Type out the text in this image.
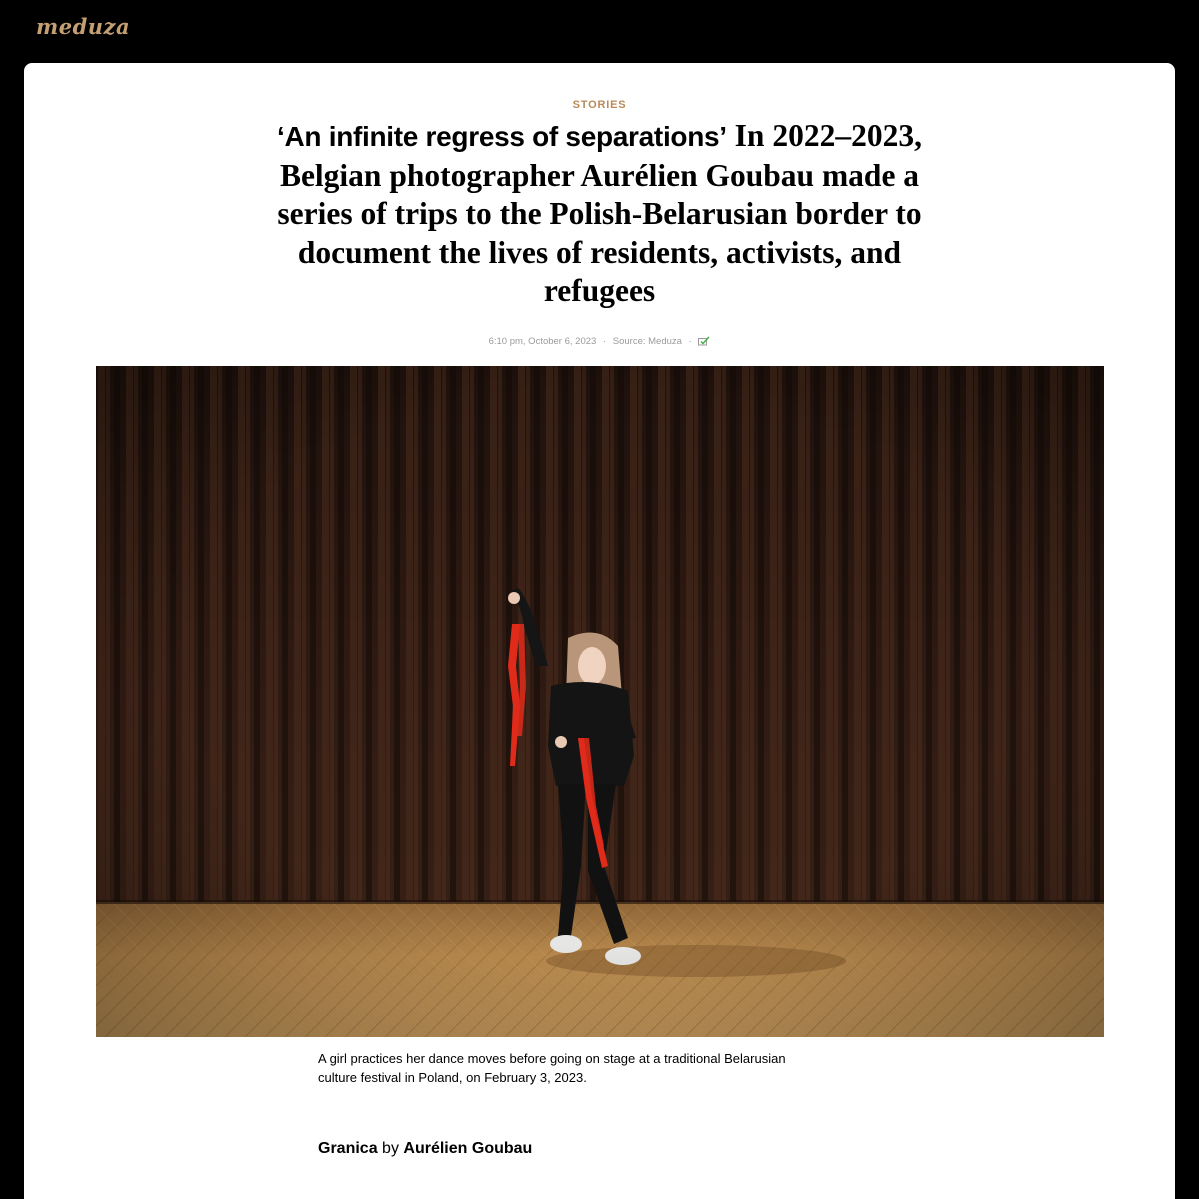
meduza
STORIES
‘An infinite regress of separations’ In 2022–2023, Belgian photographer Aurélien Goubau made a series of trips to the Polish-Belarusian border to document the lives of residents, activists, and refugees
6:10 pm, October 6, 2023 · Source: Meduza ·

A girl practices her dance moves before going on stage at a traditional Belarusian culture festival in Poland, on February 3, 2023.

Granica by Aurélien Goubau
